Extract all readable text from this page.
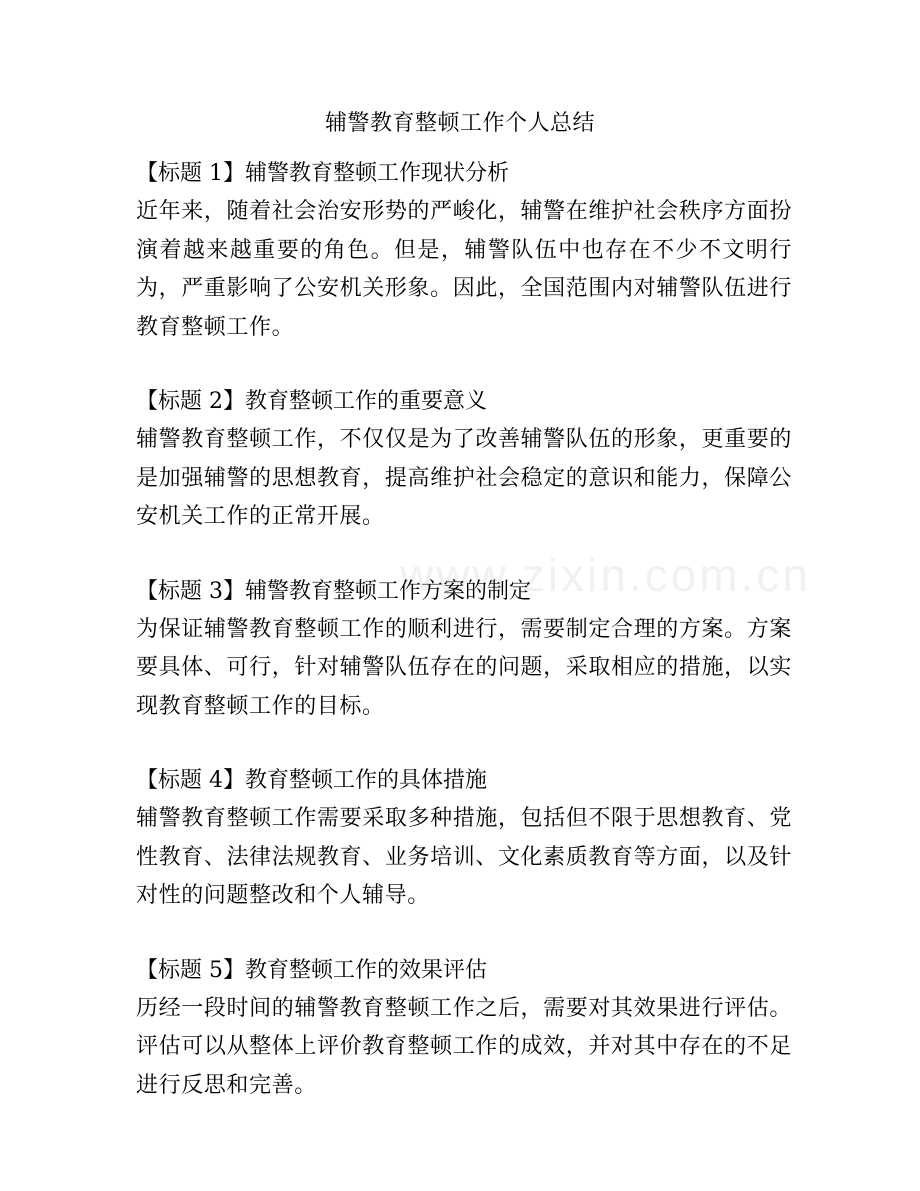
辅警教育整顿工作个人总结
【标题 1】辅警教育整顿工作现状分析
近年来，随着社会治安形势的严峻化，辅警在维护社会秩序方面扮演着越来越重要的角色。但是，辅警队伍中也存在不少不文明行为，严重影响了公安机关形象。因此，全国范围内对辅警队伍进行教育整顿工作。
【标题 2】教育整顿工作的重要意义
辅警教育整顿工作，不仅仅是为了改善辅警队伍的形象，更重要的是加强辅警的思想教育，提高维护社会稳定的意识和能力，保障公安机关工作的正常开展。
【标题 3】辅警教育整顿工作方案的制定
为保证辅警教育整顿工作的顺利进行，需要制定合理的方案。方案要具体、可行，针对辅警队伍存在的问题，采取相应的措施，以实现教育整顿工作的目标。
【标题 4】教育整顿工作的具体措施
辅警教育整顿工作需要采取多种措施，包括但不限于思想教育、党性教育、法律法规教育、业务培训、文化素质教育等方面，以及针对性的问题整改和个人辅导。
【标题 5】教育整顿工作的效果评估
历经一段时间的辅警教育整顿工作之后，需要对其效果进行评估。评估可以从整体上评价教育整顿工作的成效，并对其中存在的不足进行反思和完善。
www.zixin.com.cn
